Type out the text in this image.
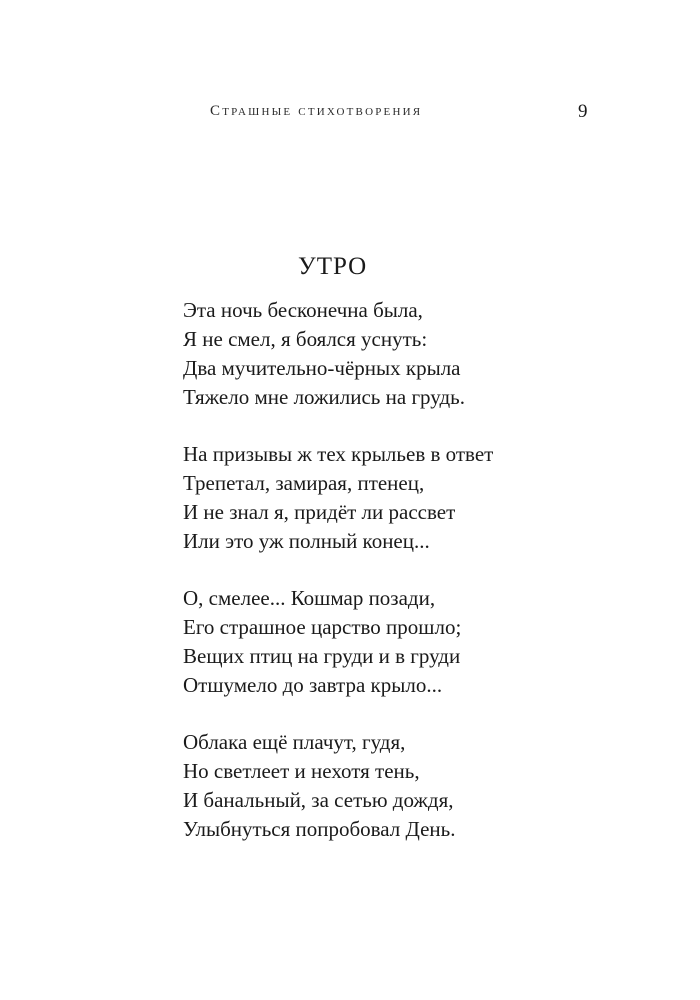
Страшные стихотворения	9
УТРО
Эта ночь бесконечна была,
Я не смел, я боялся уснуть:
Два мучительно-чёрных крыла
Тяжело мне ложились на грудь.
На призывы ж тех крыльев в ответ
Трепетал, замирая, птенец,
И не знал я, придёт ли рассвет
Или это уж полный конец...
О, смелее... Кошмар позади,
Его страшное царство прошло;
Вещих птиц на груди и в груди
Отшумело до завтра крыло...
Облака ещё плачут, гудя,
Но светлеет и нехотя тень,
И банальный, за сетью дождя,
Улыбнуться попробовал День.
